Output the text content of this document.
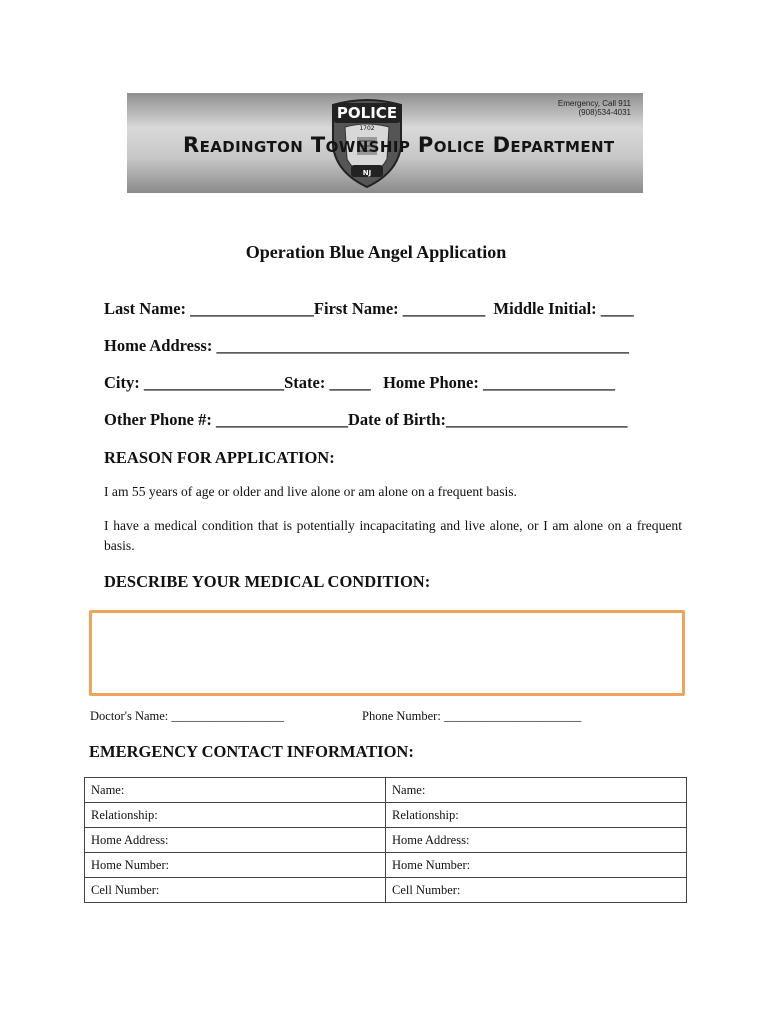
POLICE
1702
NJ
Readington Township Police Department
Emergency, Call 911
(908)534-4031
Operation Blue Angel Application
Last Name: _______________First Name: __________  Middle Initial: ____
Home Address: __________________________________________________
City: _________________State: _____   Home Phone: ________________
Other Phone #: ________________Date of Birth:______________________
REASON FOR APPLICATION:
I am 55 years of age or older and live alone or am alone on a frequent basis.
I have a medical condition that is potentially incapacitating and live alone, or I am alone on a frequent basis.
DESCRIBE YOUR MEDICAL CONDITION:
Doctor's Name: __________________	Phone Number: ______________________
EMERGENCY CONTACT INFORMATION:
Name:	Name:
Relationship:	Relationship:
Home Address:	Home Address:
Home Number:	Home Number:
Cell Number:	Cell Number:
